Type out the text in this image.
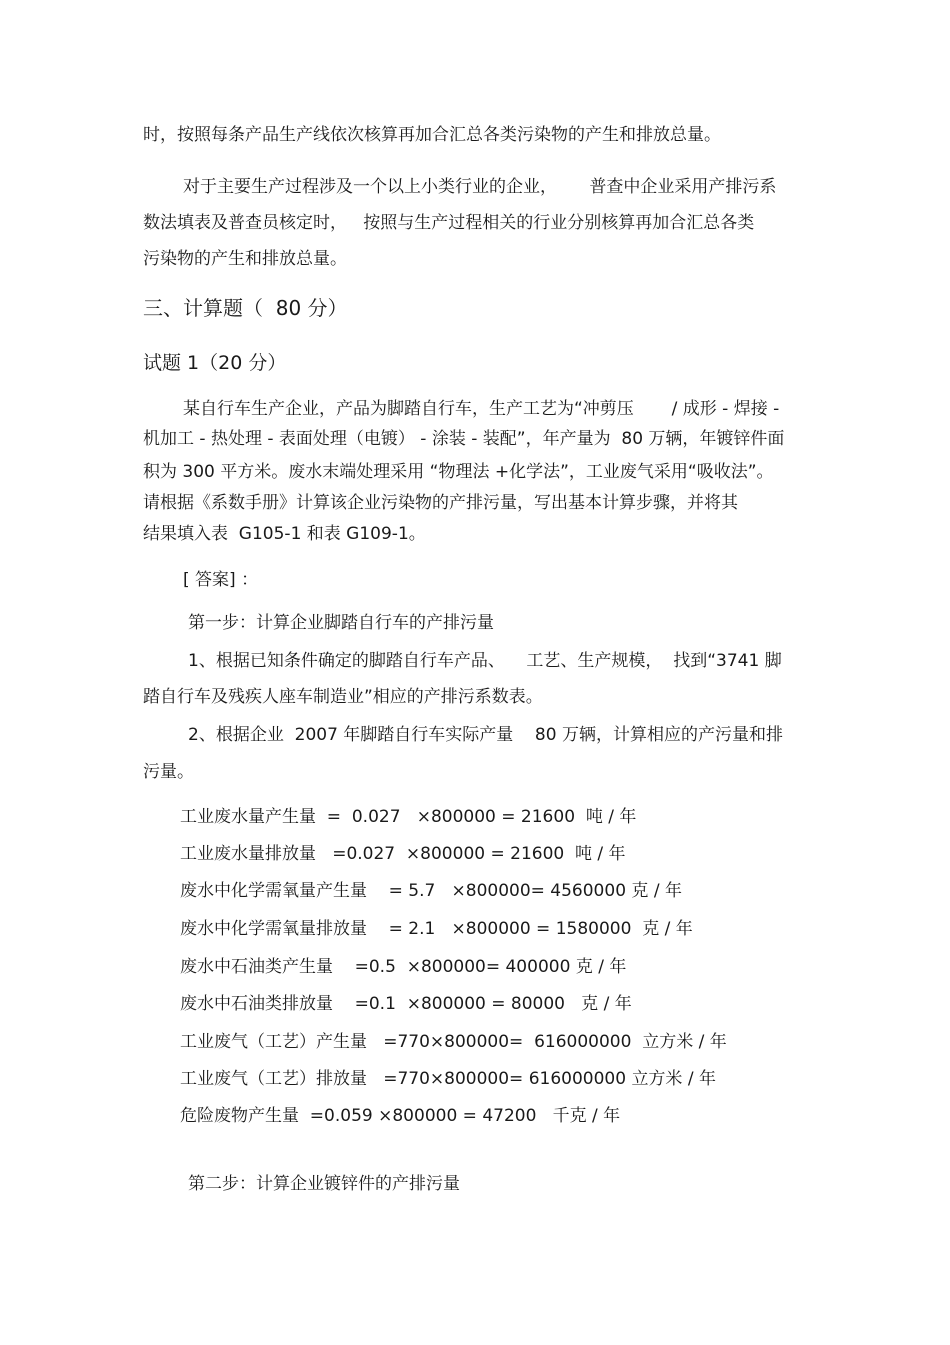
时，按照每条产品生产线依次核算再加合汇总各类污染物的产生和排放总量。
对于主要生产过程涉及一个以上小类行业的企业，      普查中企业采用产排污系
数法填表及普查员核定时，   按照与生产过程相关的行业分别核算再加合汇总各类
污染物的产生和排放总量。
三、计算题（  80 分）
试题 1（20 分）
某自行车生产企业，产品为脚踏自行车，生产工艺为“冲剪压       / 成形 - 焊接 -
机加工 - 热处理 - 表面处理（电镀） - 涂装 - 装配”，年产量为  80 万辆，年镀锌件面
积为 300 平方米。废水末端处理采用 “物理法 +化学法”，工业废气采用“吸收法”。
请根据《系数手册》计算该企业污染物的产排污量，写出基本计算步骤，并将其
结果填入表  G105-1 和表 G109-1。
[ 答案] ：
第一步：计算企业脚踏自行车的产排污量
1、根据已知条件确定的脚踏自行车产品、    工艺、生产规模，  找到“3741 脚
踏自行车及残疾人座车制造业”相应的产排污系数表。
2、根据企业  2007 年脚踏自行车实际产量    80 万辆，计算相应的产污量和排
污量。
工业废水量产生量  =  0.027   ×800000 = 21600  吨 / 年
工业废水量排放量   =0.027  ×800000 = 21600  吨 / 年
废水中化学需氧量产生量    = 5.7   ×800000= 4560000 克 / 年
废水中化学需氧量排放量    = 2.1   ×800000 = 1580000  克 / 年
废水中石油类产生量    =0.5  ×800000= 400000 克 / 年
废水中石油类排放量    =0.1  ×800000 = 80000   克 / 年
工业废气（工艺）产生量   =770×800000=  616000000  立方米 / 年
工业废气（工艺）排放量   =770×800000= 616000000 立方米 / 年
危险废物产生量  =0.059 ×800000 = 47200   千克 / 年
第二步：计算企业镀锌件的产排污量
